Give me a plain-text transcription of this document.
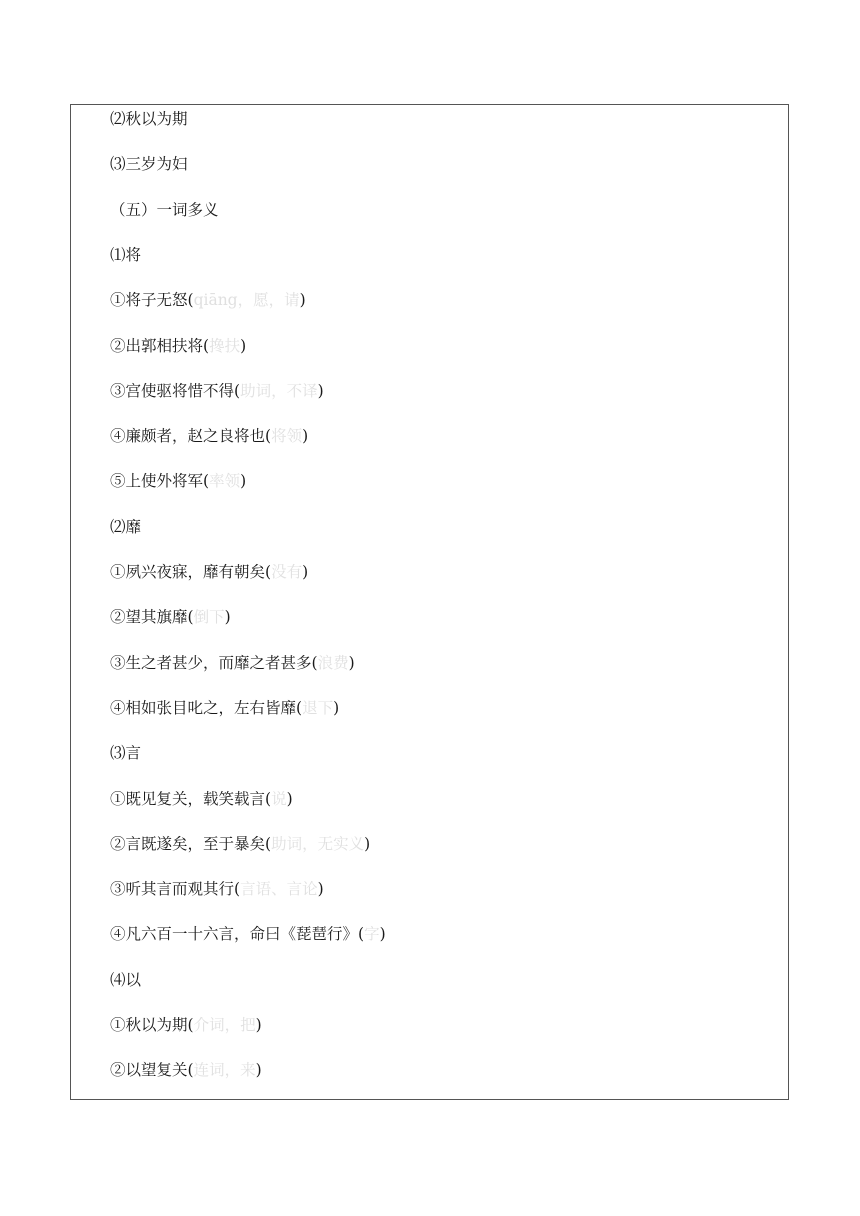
⑵秋以为期
⑶三岁为妇
（五）一词多义
⑴将
①将子无怒(qiāng，愿，请)
②出郭相扶将(搀扶)
③宫使驱将惜不得(助词，不译)
④廉颇者，赵之良将也(将领)
⑤上使外将军(率领)
⑵靡
①夙兴夜寐，靡有朝矣(没有)
②望其旗靡(倒下)
③生之者甚少，而靡之者甚多(浪费)
④相如张目叱之，左右皆靡(退下)
⑶言
①既见复关，载笑载言(说)
②言既遂矣，至于暴矣(助词，无实义)
③听其言而观其行(言语、言论)
④凡六百一十六言，命曰《琵琶行》(字)
⑷以
①秋以为期(介词，把)
②以望复关(连词，来)
